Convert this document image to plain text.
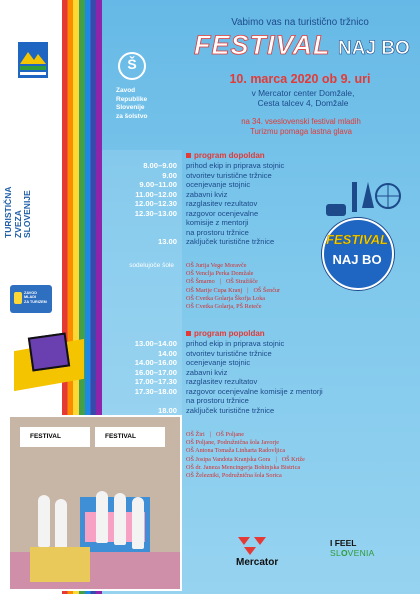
TURISTIČNA
ZVEZA
SLOVENIJE
ZAVOD
MLADI
ZA TURIZEM
Š
Zavod
Republike
Slovenije
za šolstvo
Vabimo vas na turistično tržnico
FESTIVAL NAJ BO
10. marca 2020 ob 9. uri
v Mercator center Domžale,
Cesta talcev 4, Domžale
na 34. vseslovenski festival mladih
Turizmu pomaga lastna glava
program dopoldan
8.00–9.00 prihod ekip in priprava stojnic
9.00 otvoritev turistične tržnice
9.00–11.00 ocenjevanje stojnic
11.00–12.00 zabavni kviz
12.00–12.30 razglasitev rezultatov
12.30–13.00 razgovor ocenjevalne
komisije z mentorji
na prostoru tržnice
13.00 zaključek turistične tržnice
sodelujoče šole OŠ Jurija Vege Moravče
OŠ Venclja Perka Domžale
OŠ Šmarno | OŠ Stražišče
OŠ Marije Cupa Kranj | OŠ Šenčur
OŠ Cvetka Golarja Škofja Loka
OŠ Cvetka Golarja, PŠ Reteče
program popoldan
13.00–14.00 prihod ekip in priprava stojnic
14.00 otvoritev turistične tržnice
14.00–16.00 ocenjevanje stojnic
16.00–17.00 zabavni kviz
17.00–17.30 razglasitev rezultatov
17.30–18.00 razgovor ocenjevalne komisije z mentorji
na prostoru tržnice
18.00 zaključek turistične tržnice
OŠ Žiri | OŠ Poljane
OŠ Poljane, Podružnična šola Javorje
OŠ Antona Tomaža Linharta Radovljica
OŠ Josipa Vandota Kranjska Gora | OŠ Križe
OŠ dr. Janeza Mencingerja Bohinjska Bistrica
OŠ Železniki, Podružnična šola Sorica
FESTIVAL
NAJ BO
FESTIVAL	FESTIVAL
Mercator
I FEEL
SLOVENIA
